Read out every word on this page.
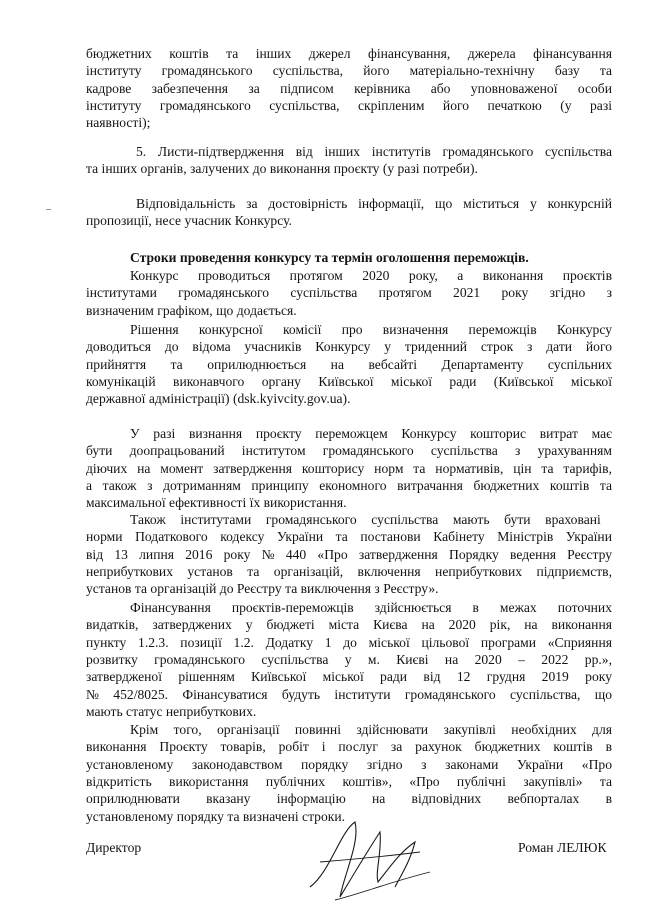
бюджетних коштів та інших джерел фінансування, джерела фінансування
інституту громадянського суспільства, його матеріально-технічну базу та
кадрове забезпечення за підписом керівника або уповноваженої особи
інституту громадянського суспільства, скріпленим його печаткою (у разі
наявності);
5. Листи-підтвердження від інших інститутів громадянського суспільства
та інших органів, залучених до виконання проєкту (у разі потреби).
Відповідальність за достовірність інформації, що міститься у конкурсній
пропозиції, несе учасник Конкурсу.
Строки проведення конкурсу та термін оголошення переможців.
Конкурс проводиться протягом 2020 року, а виконання проєктів
інститутами громадянського суспільства протягом 2021 року згідно з
визначеним графіком, що додається.
Рішення конкурсної комісії про визначення переможців Конкурсу
доводиться до відома учасників Конкурсу у триденний строк з дати його
прийняття та оприлюднюється на вебсайті Департаменту суспільних
комунікацій виконавчого органу Київської міської ради (Київської міської
державної адміністрації) (dsk.kyivcity.gov.ua).
У разі визнання проєкту переможцем Конкурсу кошторис витрат має
бути доопрацьований інститутом громадянського суспільства з урахуванням
діючих на момент затвердження кошторису норм та нормативів, цін та тарифів,
а також з дотриманням принципу економного витрачання бюджетних коштів та
максимальної ефективності їх використання.
Також інститутами громадянського суспільства мають бути враховані
норми Податкового кодексу України та постанови Кабінету Міністрів України
від 13 липня 2016 року № 440 «Про затвердження Порядку ведення Реєстру
неприбуткових установ та організацій, включення неприбуткових підприємств,
установ та організацій до Реєстру та виключення з Реєстру».
Фінансування проєктів-переможців здійснюється в межах поточних
видатків, затверджених у бюджеті міста Києва на 2020 рік, на виконання
пункту 1.2.3. позиції 1.2. Додатку 1 до міської цільової програми «Сприяння
розвитку громадянського суспільства у м. Києві на 2020 – 2022 рр.»,
затвердженої рішенням Київської міської ради від 12 грудня 2019 року
№ 452/8025. Фінансуватися будуть інститути громадянського суспільства, що
мають статус неприбуткових.
Крім того, організації повинні здійснювати закупівлі необхідних для
виконання Проєкту товарів, робіт і послуг за рахунок бюджетних коштів в
установленому законодавством порядку згідно з законами України «Про
відкритість використання публічних коштів», «Про публічні закупівлі» та
оприлюднювати вказану інформацію на відповідних вебпорталах в
установленому порядку та визначені строки.
–
Директор	Роман ЛЕЛЮК
